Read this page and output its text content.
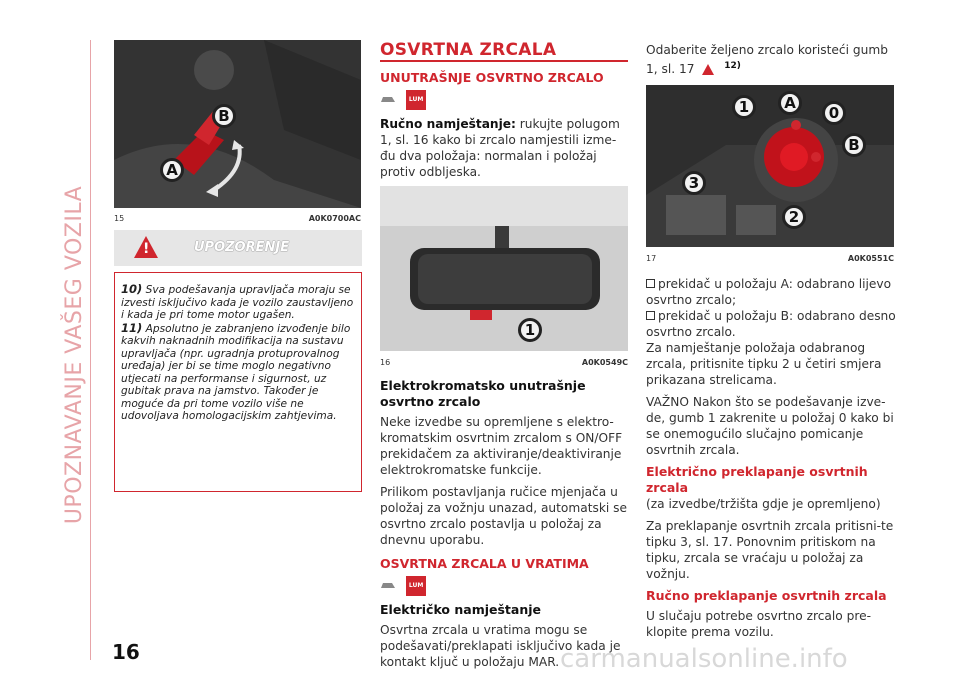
UPOZNAVANJE VAŠEG VOZILA
A
B
15	A0K0700AC
!	UPOZORENJE

10) Sva podešavanja upravljača moraju se izvesti isključivo kada je vozilo zaustavljeno i kada je pri tome motor ugašen.

11) Apsolutno je zabranjeno izvođenje bilo kakvih naknadnih modifikacija na sustavu upravljača (npr. ugradnja protuprovalnog uređaja) jer bi se time moglo negativno utjecati na performanse i sigurnost, uz gubitak prava na jamstvo. Također je moguće da pri tome vozilo više ne udovoljava homologacijskim zahtjevima.

OSVRTNA ZRCALA
UNUTRAŠNJE OSVRTNO ZRCALO
LUM

Ručno namještanje: rukujte polugom 1, sl. 16 kako bi zrcalo namjestili izme-đu dva položaja: normalan i položaj protiv odbljeska.

1
16	A0K0549C
Elektrokromatsko unutrašnje osvrtno zrcalo

Neke izvedbe su opremljene s elektro-kromatskim osvrtnim zrcalom s ON/OFF prekidačem za aktiviranje/deaktiviranje elektrokromatske funkcije.

Prilikom postavljanja ručice mjenjača u položaj za vožnju unazad, automatski se osvrtno zrcalo postavlja u položaj za dnevnu uporabu.

OSVRTNA ZRCALA U VRATIMA
LUM
Električko namještanje

Osvrtna zrcala u vratima mogu se podešavati/preklapati isključivo kada je kontakt ključ u položaju MAR.

Odaberite željeno zrcalo koristeći gumb 1, sl. 17	$^{12)}$

1	A
0
B
3
2
17	A0K0551C

prekidač u položaju A: odabrano lijevo osvrtno zrcalo;

prekidač u položaju B: odabrano desno osvrtno zrcalo.

Za namještanje položaja odabranog zrcala, pritisnite tipku 2 u četiri smjera prikazana strelicama.

VAŽNO Nakon što se podešavanje izve-de, gumb 1 zakrenite u položaj 0 kako bi se onemogućilo slučajno pomicanje osvrtnih zrcala.

Električno preklapanje osvrtnih zrcala

(za izvedbe/tržišta gdje je opremljeno)

Za preklapanje osvrtnih zrcala pritisni-te tipku 3, sl. 17. Ponovnim pritiskom na tipku, zrcala se vraćaju u položaj za vožnju.

Ručno preklapanje osvrtnih zrcala

U slučaju potrebe osvrtno zrcalo pre-klopite prema vozilu.

16	carmanualsonline.info
